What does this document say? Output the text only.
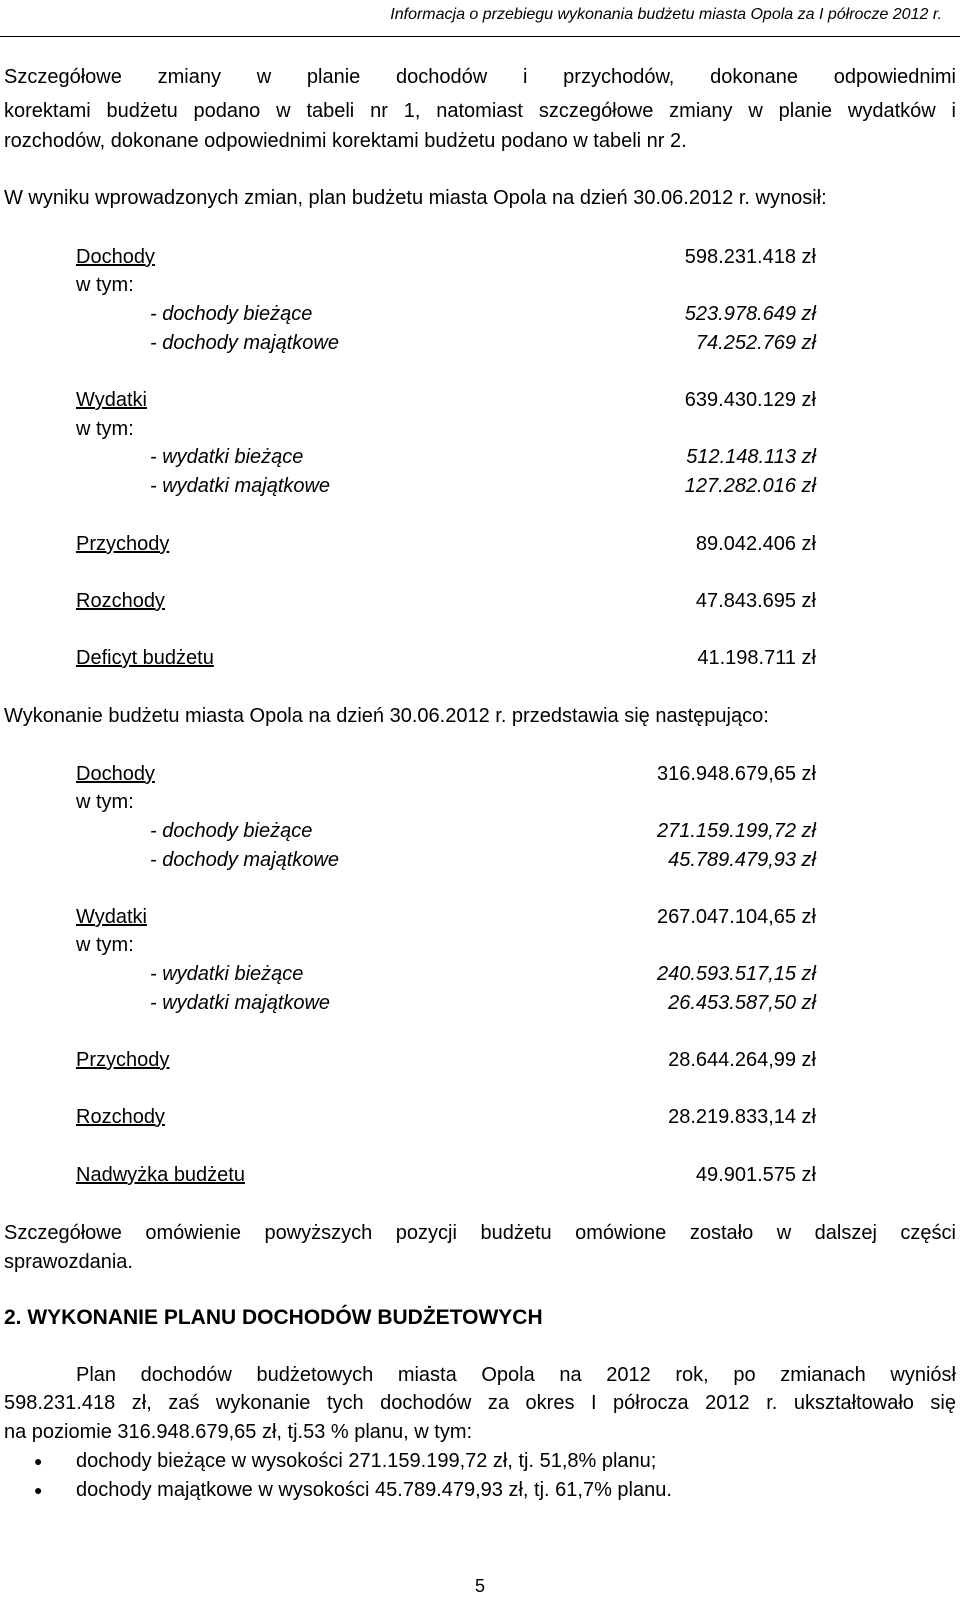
Informacja o przebiegu wykonania budżetu miasta Opola za I półrocze 2012 r.
Szczegółowe zmiany w planie dochodów i przychodów, dokonane odpowiednimi
korektami budżetu podano w tabeli nr 1, natomiast szczegółowe zmiany w planie wydatków i
rozchodów, dokonane odpowiednimi korektami budżetu podano w tabeli nr 2.
W wyniku wprowadzonych zmian, plan budżetu miasta Opola na dzień 30.06.2012 r. wynosił:
Dochody	598.231.418 zł
w tym:
- dochody bieżące	523.978.649 zł
- dochody majątkowe	74.252.769 zł
Wydatki	639.430.129 zł
w tym:
- wydatki bieżące	512.148.113 zł
- wydatki majątkowe	127.282.016 zł
Przychody	89.042.406 zł
Rozchody	47.843.695 zł
Deficyt budżetu	41.198.711 zł
Wykonanie budżetu miasta Opola na dzień 30.06.2012 r. przedstawia się następująco:
Dochody	316.948.679,65 zł
w tym:
- dochody bieżące	271.159.199,72 zł
- dochody majątkowe	45.789.479,93 zł
Wydatki	267.047.104,65 zł
w tym:
- wydatki bieżące	240.593.517,15 zł
- wydatki majątkowe	26.453.587,50 zł
Przychody	28.644.264,99 zł
Rozchody	28.219.833,14 zł
Nadwyżka budżetu	49.901.575 zł
Szczegółowe omówienie powyższych pozycji budżetu omówione zostało w dalszej części
sprawozdania.
2. WYKONANIE PLANU DOCHODÓW BUDŻETOWYCH
Plan dochodów budżetowych miasta Opola na 2012 rok, po zmianach wyniósł
598.231.418 zł, zaś wykonanie tych dochodów za okres I półrocza 2012 r. ukształtowało się
na poziomie 316.948.679,65 zł, tj.53 % planu, w tym:
● dochody bieżące w wysokości 271.159.199,72 zł, tj. 51,8% planu;
● dochody majątkowe w wysokości 45.789.479,93 zł, tj. 61,7% planu.
5
